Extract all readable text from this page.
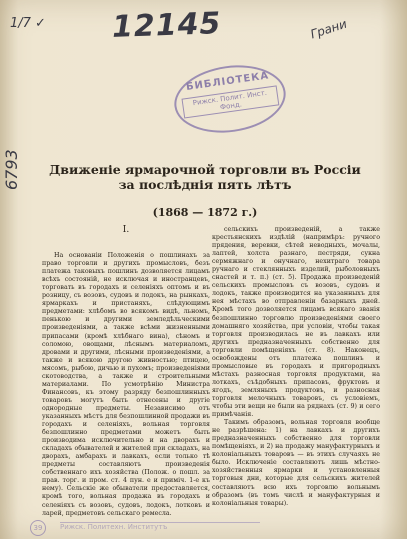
1/7 ✓ 12145	Грани
6793
БИБЛІОТЕКА
Рижск. Полит. Инст. Фонд.
Движеніе ярмарочной торговли въ Россіи за послѣднія пять лѣтъ
(1868 — 1872 г.)

I.

На основаніи Положенія о пошлинахъ за право торговли и другихъ промысловъ, безъ платежа таковыхъ пошлинъ дозволяется лицамъ всѣхъ состояній, не исключая и иностранцевъ, торговать въ городахъ и селеніяхъ оптомъ и въ розницу, съ возовъ, судовъ и лодокъ, на рынкахъ, ярмаркахъ и пристаняхъ, слѣдующимъ предметами: хлѣбомъ во всякомъ видѣ, льномъ, пенькою и другими земледѣльческими произведеніями, а также всѣми жизненными припасами (кромѣ хлѣбнаго вина), сѣномъ и соломою, овощами, лѣснымъ материаломъ, дровами и другими, лѣсными произведеніями, а также и всякою другою живностью; птицею, мясомъ, рыбою, дичью и пухомъ; произведеніями скотоводства, а также и строительными материалами. По усмотрѣнію Министра Финансовъ, къ этому разряду безпошлинныхъ товаровъ могутъ быть отнесены и другіе однородные предметы. Независимо отъ указанныхъ мѣстъ для безпошлинной продажи въ городахъ и селеніяхъ, вольная торговля безпошлинно предметами можетъ быть производима исключительно и на дворахъ и складахъ обывателей и жителей при складахъ, на дворахъ, амбарахъ и лавкахъ, если только тѣ предметы составляютъ произведенія собственнаго ихъ хозяйства (Полож. о пошл. за прав. торг. и пром. ст. 4 пун. е и приміч. 1-е къ нему). Сельскіе же обыватели предоставляется, кромѣ того, вольная продажа въ городахъ и селеніяхъ съ возовъ, судовъ, лодокъ, лотковъ и ларей, предметовъ сельскаго ремесла.

сельскихъ произведеній, а также крестьянскихъ издѣлій (напримѣръ: ручного прядения, веревки, сѣтей неводныхъ, мочалы, лаптей, холста разнаго, пестряди, сукна сермяжнаго и онучнаго, нехитраго товара ручнаго и стеклянныхъ изделий, рыболовныхъ снастей и т. п.) (ст. 5). Продажа произведеній сельскихъ промысловъ съ возовъ, судовъ и лодокъ, также производится на указанныхъ для нея мѣстахъ во отправленіи базарныхъ дней. Кромѣ того дозволяется лицамъ всякаго званія безпошлинно торговлю произведеніями своего домашняго хозяйства, при условіи, чтобы такая торговля производилась не въ лавкахъ или другихъ предназначенныхъ собственно для торговли помѣщеніяхъ (ст. 8). Наконецъ, освобождены отъ платежа пошлинъ и промысловые въ городахъ и пригородныхъ мѣстахъ разносная торговля продуктами, на лоткахъ, съѣдобныхъ припасовъ, фруктовъ и ягодъ, земляныхъ продуктовъ, и разносная торговля мелочныхъ товаровъ, съ условіемъ, чтобы эти вещи не были на ряднахъ (ст. 9) и сего примѣчанія.

Такимъ образомъ, вольная торговля вообще не разрѣшена: 1) на лавкахъ и другихъ предназначенныхъ собственно для торговли помѣщеніяхъ, и 2) на продажу мануфактурныхъ и колоніальныхъ товаровъ — въ этихъ случаяхъ не было. Исключеніе составляютъ лишь мѣстно-хозяйственныя ярмарки и установленныя торговыя дни, которые для сельскихъ жителей составляютъ всю ихъ торговлю вольнымъ образомъ (въ томъ числѣ и мануфактурныя и колоніальныя товары).

39	Рижск. Политехн. Институтъ
